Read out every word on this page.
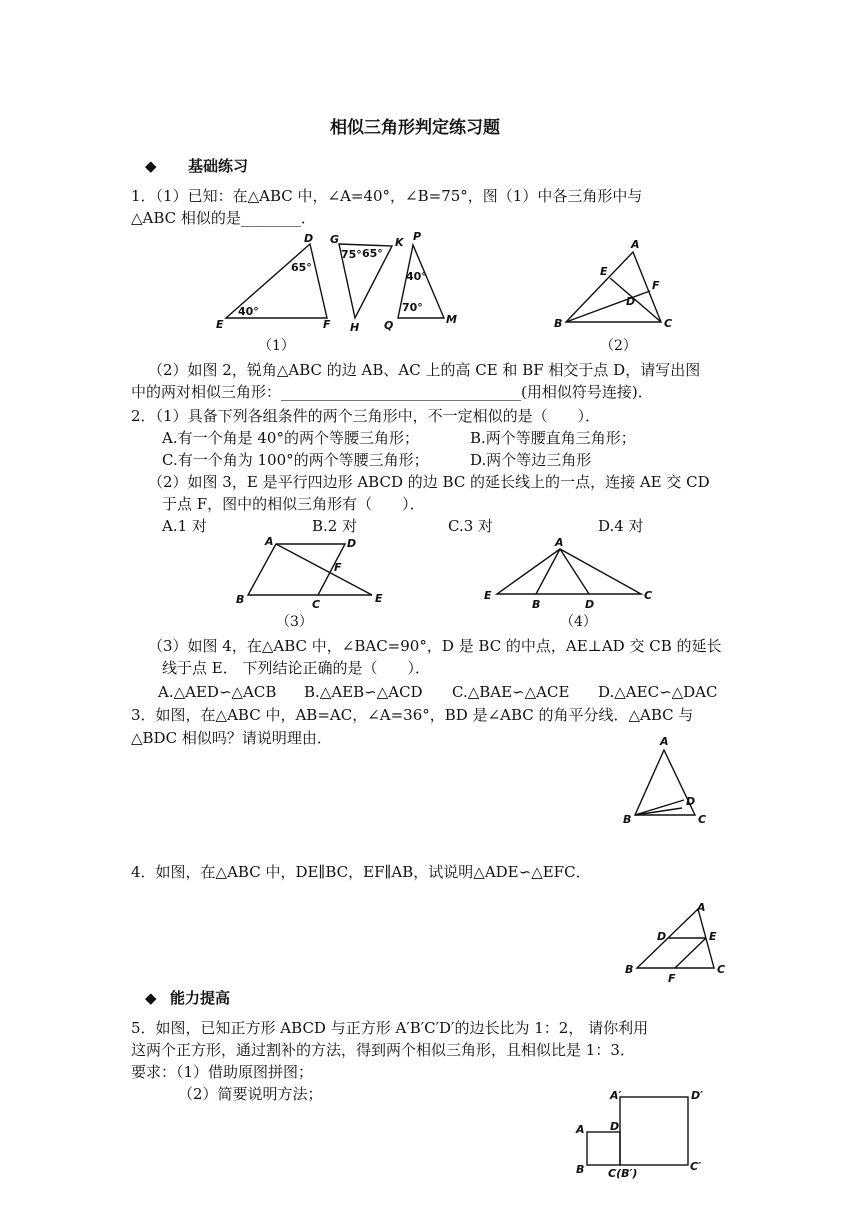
相似三角形判定练习题
◆ 基础练习
1．（1）已知：在△ABC 中，∠A=40°，∠B=75°，图（1）中各三角形中与
△ABC 相似的是________．
D
E	F
65°
40°
G	K
H
75° 65°
P
Q	M
40°
70°
（1）
A
B	C
D
E
F
（2）
（2）如图 2，锐角△ABC 的边 AB、AC 上的高 CE 和 BF 相交于点 D，请写出图
中的两对相似三角形：________________________________(用相似符号连接)．
2．（1）具备下列各组条件的两个三角形中，不一定相似的是（　　）．
A.有一个角是 40°的两个等腰三角形；	B.两个等腰直角三角形；
C.有一个角为 100°的两个等腰三角形；	D.两个等边三角形
（2）如图 3，E 是平行四边形 ABCD 的边 BC 的延长线上的一点，连接 AE 交 CD
于点 F，图中的相似三角形有（　　）．
A.1 对	B.2 对	C.3 对	D.4 对
A	D
B	C	E
F
（3）
A
E
B	D
C
（4）
（3）如图 4，在△ABC 中，∠BAC=90°，D 是 BC 的中点，AE⊥AD 交 CB 的延长
线于点 E． 下列结论正确的是（　　）．
A.△AED∽△ACB B.△AEB∽△ACD C.△BAE∽△ACE D.△AEC∽△DAC
3．如图，在△ABC 中，AB=AC，∠A=36°，BD 是∠ABC 的角平分线．△ABC 与
△BDC 相似吗？请说明理由．	A
B	C
D
4．如图，在△ABC 中，DE∥BC，EF∥AB，试说明△ADE∽△EFC．
A
D	E
B
F
C
◆ 能力提高
5．如图，已知正方形 ABCD 与正方形 A′B′C′D′的边长比为 1：2， 请你利用
这两个正方形，通过割补的方法，得到两个相似三角形，且相似比是 1：3．
要求：（1）借助原图拼图；
（2）简要说明方法；	A′	D′
A D
B C(B′)
C′
